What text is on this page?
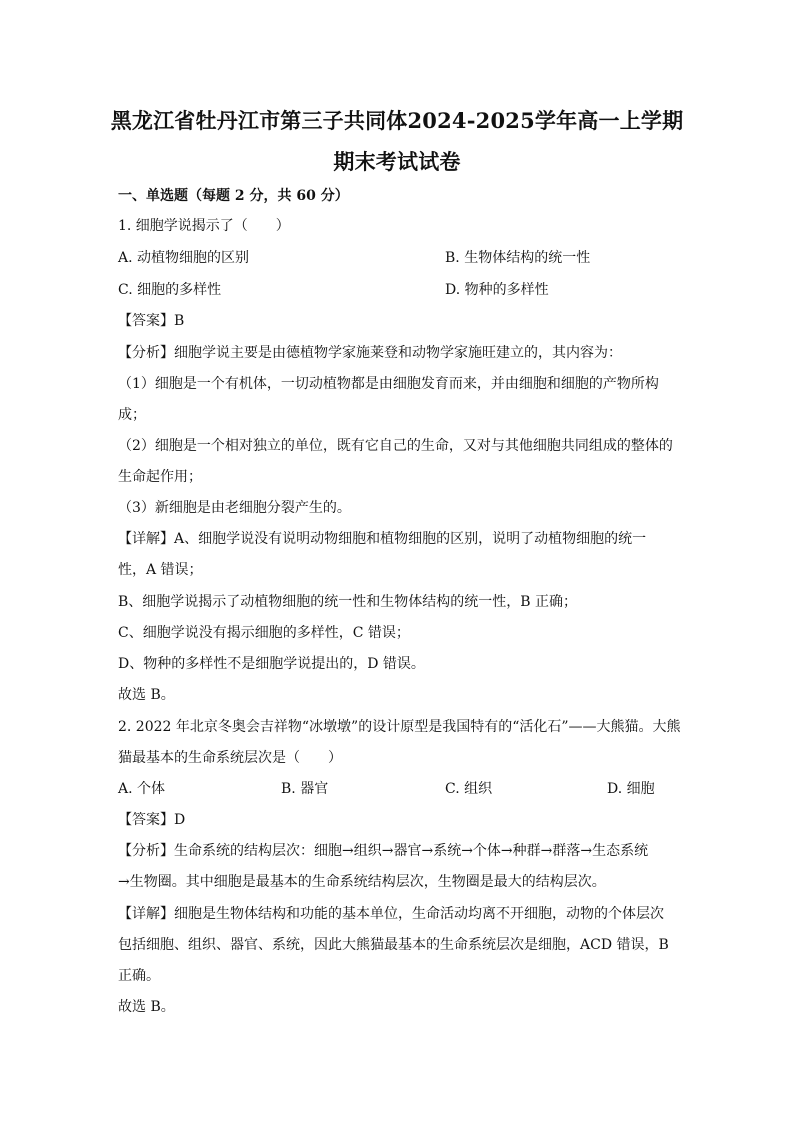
黑龙江省牡丹江市第三子共同体2024-2025学年高一上学期
期末考试试卷
一、单选题（每题 2 分，共 60 分）
1. 细胞学说揭示了（　　）
A. 动植物细胞的区别	B. 生物体结构的统一性
C. 细胞的多样性	D. 物种的多样性
【答案】B
【分析】细胞学说主要是由德植物学家施莱登和动物学家施旺建立的，其内容为：
（1）细胞是一个有机体，一切动植物都是由细胞发育而来，并由细胞和细胞的产物所构
成；
（2）细胞是一个相对独立的单位，既有它自己的生命，又对与其他细胞共同组成的整体的
生命起作用；
（3）新细胞是由老细胞分裂产生的。
【详解】A、细胞学说没有说明动物细胞和植物细胞的区别，说明了动植物细胞的统一
性，A 错误；
B、细胞学说揭示了动植物细胞的统一性和生物体结构的统一性，B 正确；
C、细胞学说没有揭示细胞的多样性，C 错误；
D、物种的多样性不是细胞学说提出的，D 错误。
故选 B。
2. 2022 年北京冬奥会吉祥物“冰墩墩”的设计原型是我国特有的“活化石”——大熊猫。大熊
猫最基本的生命系统层次是（　　）
A. 个体	B. 器官	C. 组织	D. 细胞
【答案】D
【分析】生命系统的结构层次：细胞→组织→器官→系统→个体→种群→群落→生态系统
→生物圈。其中细胞是最基本的生命系统结构层次，生物圈是最大的结构层次。
【详解】细胞是生物体结构和功能的基本单位，生命活动均离不开细胞，动物的个体层次
包括细胞、组织、器官、系统，因此大熊猫最基本的生命系统层次是细胞，ACD 错误，B
正确。
故选 B。
